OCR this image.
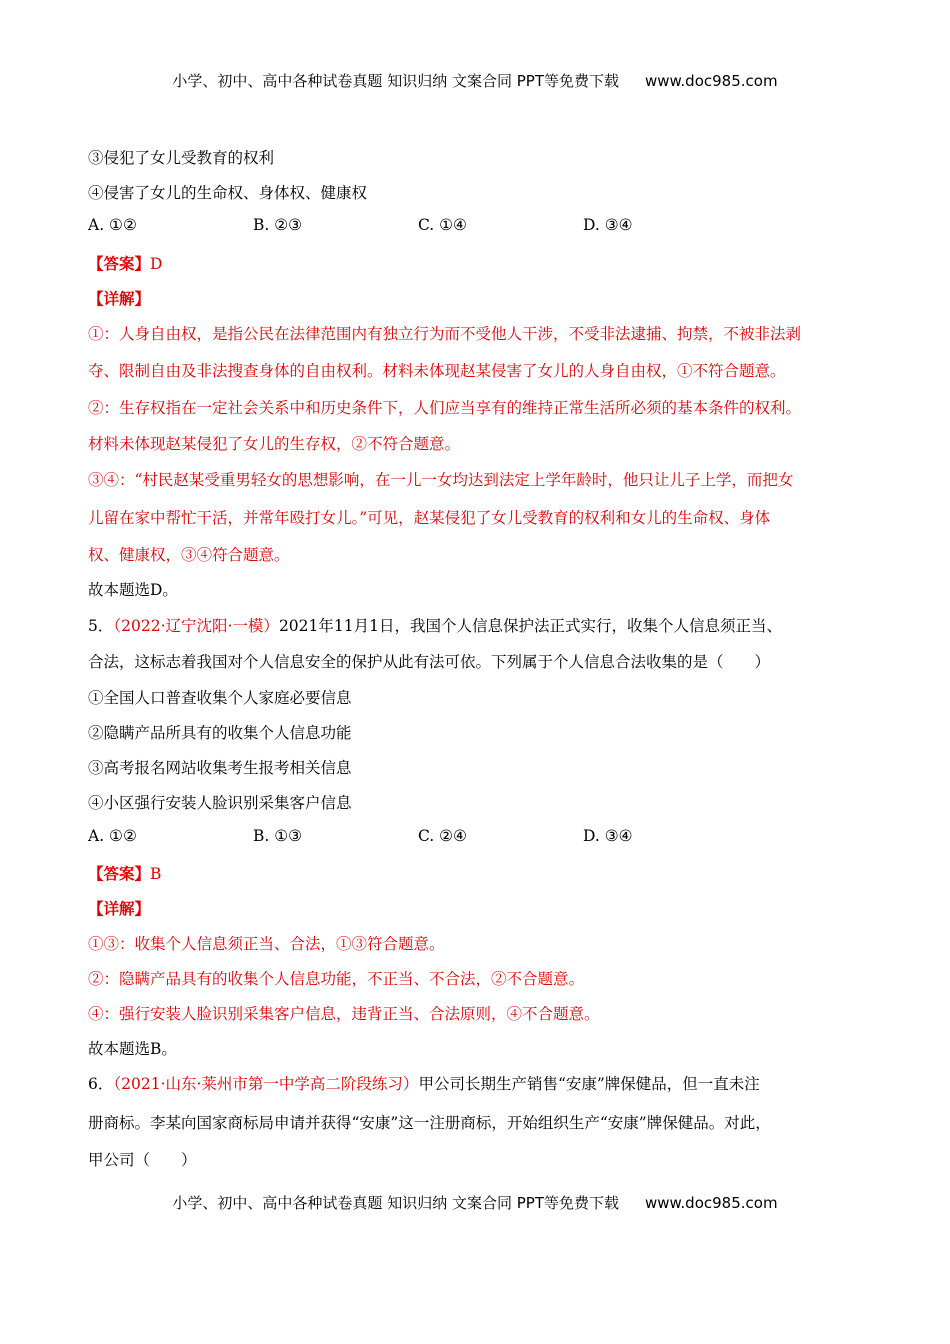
小学、初中、高中各种试卷真题 知识归纳 文案合同 PPT等免费下载 www.doc985.com
③侵犯了女儿受教育的权利
④侵害了女儿的生命权、身体权、健康权
A. ①②	B. ②③	C. ①④	D. ③④
【答案】D
【详解】
①：人身自由权，是指公民在法律范围内有独立行为而不受他人干涉，不受非法逮捕、拘禁，不被非法剥
夺、限制自由及非法搜查身体的自由权利。材料未体现赵某侵害了女儿的人身自由权，①不符合题意。
②：生存权指在一定社会关系中和历史条件下，人们应当享有的维持正常生活所必须的基本条件的权利。
材料未体现赵某侵犯了女儿的生存权，②不符合题意。
③④：“村民赵某受重男轻女的思想影响，在一儿一女均达到法定上学年龄时，他只让儿子上学，而把女
儿留在家中帮忙干活，并常年殴打女儿。”可见，赵某侵犯了女儿受教育的权利和女儿的生命权、身体
权、健康权，③④符合题意。
故本题选D。
5．（2022·辽宁沈阳·一模）2021年11月1日，我国个人信息保护法正式实行，收集个人信息须正当、
合法，这标志着我国对个人信息安全的保护从此有法可依。下列属于个人信息合法收集的是（　　）
①全国人口普查收集个人家庭必要信息
②隐瞒产品所具有的收集个人信息功能
③高考报名网站收集考生报考相关信息
④小区强行安装人脸识别采集客户信息
A. ①②	B. ①③	C. ②④	D. ③④
【答案】B
【详解】
①③：收集个人信息须正当、合法，①③符合题意。
②：隐瞒产品具有的收集个人信息功能，不正当、不合法，②不合题意。
④：强行安装人脸识别采集客户信息，违背正当、合法原则，④不合题意。
故本题选B。
6．（2021·山东·莱州市第一中学高二阶段练习）甲公司长期生产销售“安康”牌保健品，但一直未注
册商标。李某向国家商标局申请并获得“安康”这一注册商标，开始组织生产“安康”牌保健品。对此，
甲公司（　　）
小学、初中、高中各种试卷真题 知识归纳 文案合同 PPT等免费下载 www.doc985.com
